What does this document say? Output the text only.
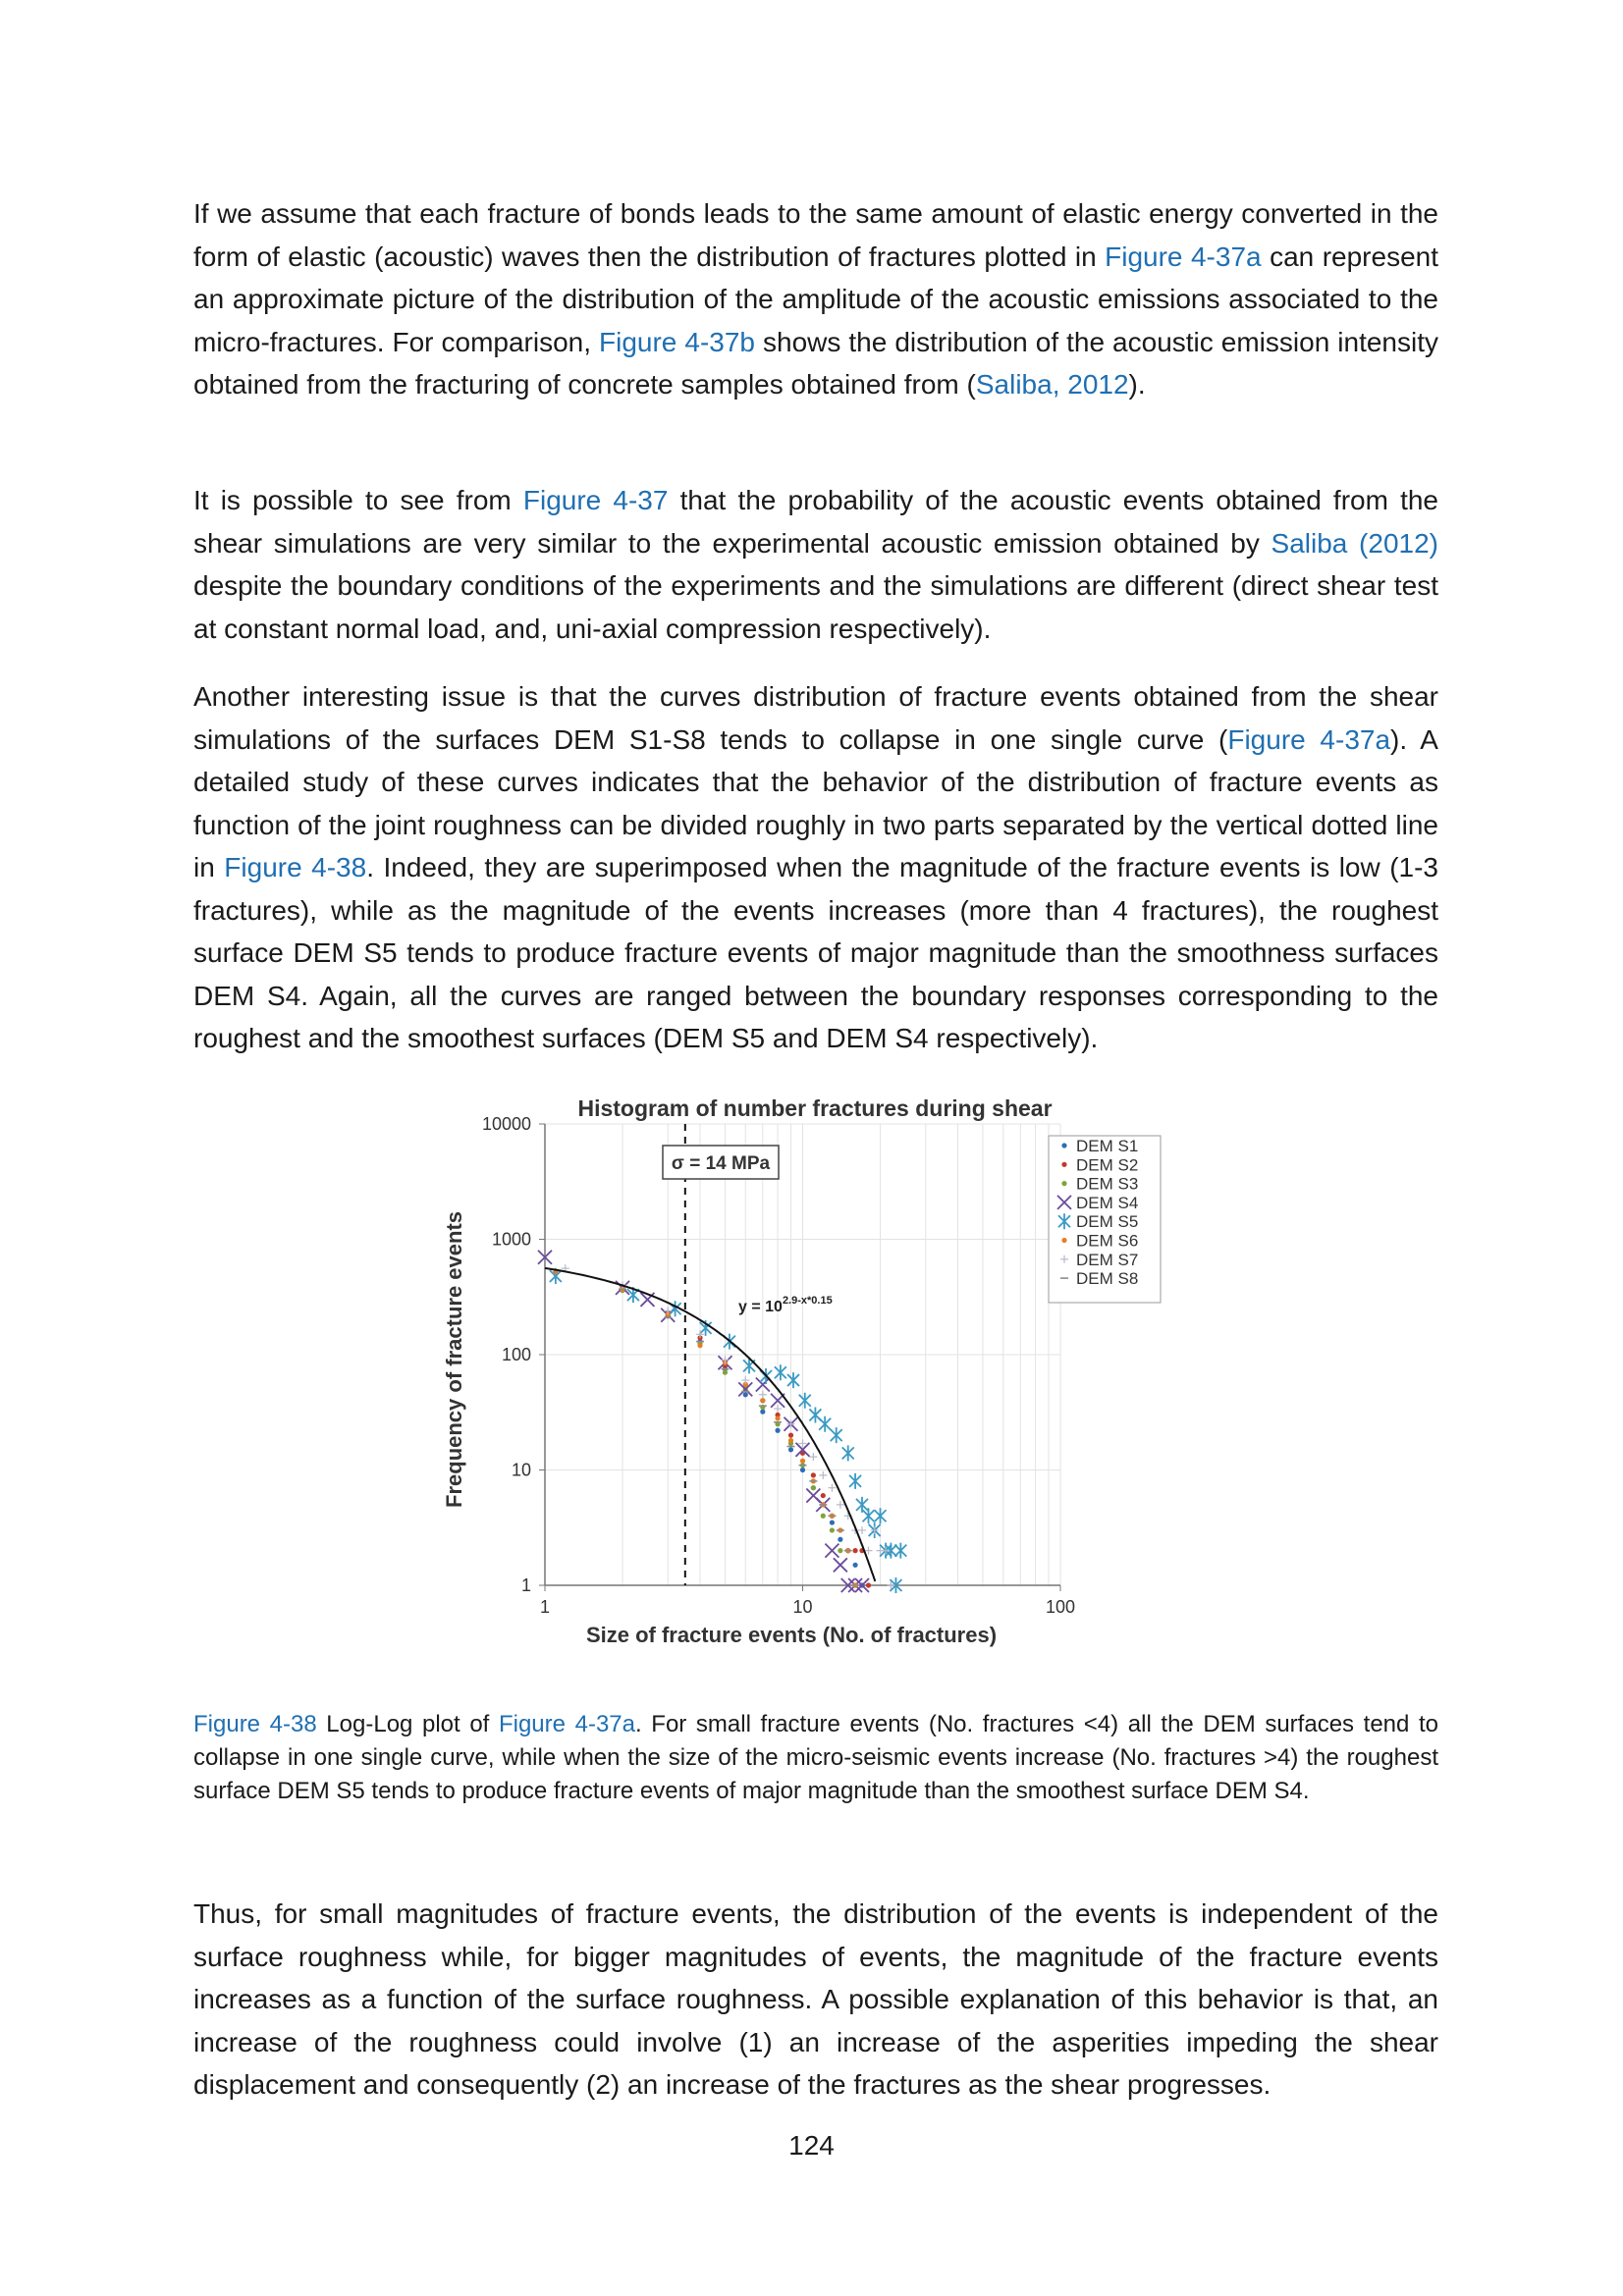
If we assume that each fracture of bonds leads to the same amount of elastic energy converted in the form of elastic (acoustic) waves then the distribution of fractures plotted in Figure 4-37a can represent an approximate picture of the distribution of the amplitude of the acoustic emissions associated to the micro-fractures. For comparison, Figure 4-37b shows the distribution of the acoustic emission intensity obtained from the fracturing of concrete samples obtained from (Saliba, 2012).

It is possible to see from Figure 4-37 that the probability of the acoustic events obtained from the shear simulations are very similar to the experimental acoustic emission obtained by Saliba (2012) despite the boundary conditions of the experiments and the simulations are different (direct shear test at constant normal load, and, uni-axial compression respectively).

Another interesting issue is that the curves distribution of fracture events obtained from the shear simulations of the surfaces DEM S1-S8 tends to collapse in one single curve (Figure 4-37a). A detailed study of these curves indicates that the behavior of the distribution of fracture events as function of the joint roughness can be divided roughly in two parts separated by the vertical dotted line in Figure 4-38. Indeed, they are superimposed when the magnitude of the fracture events is low (1-3 fractures), while as the magnitude of the events increases (more than 4 fractures), the roughest surface DEM S5 tends to produce fracture events of major magnitude than the smoothness surfaces DEM S4. Again, all the curves are ranged between the boundary responses corresponding to the roughest and the smoothest surfaces (DEM S5 and DEM S4 respectively).

Histogram of number fractures during shear
Frequency of fracture events
Size of fracture events (No. of fractures)
1
10
100
1000
10000
1	10	100
σ = 14 MPa
$y = 10^{2.9-x*0.15}$
DEM S1
DEM S2
DEM S3
DEM S4
DEM S5
DEM S6
DEM S7
DEM S8

Figure 4-38 Log-Log plot of Figure 4-37a. For small fracture events (No. fractures <4) all the DEM surfaces tend to collapse in one single curve, while when the size of the micro-seismic events increase (No. fractures >4) the roughest surface DEM S5 tends to produce fracture events of major magnitude than the smoothest surface DEM S4.

Thus, for small magnitudes of fracture events, the distribution of the events is independent of the surface roughness while, for bigger magnitudes of events, the magnitude of the fracture events increases as a function of the surface roughness. A possible explanation of this behavior is that, an increase of the roughness could involve (1) an increase of the asperities impeding the shear displacement and consequently (2) an increase of the fractures as the shear progresses.

124
